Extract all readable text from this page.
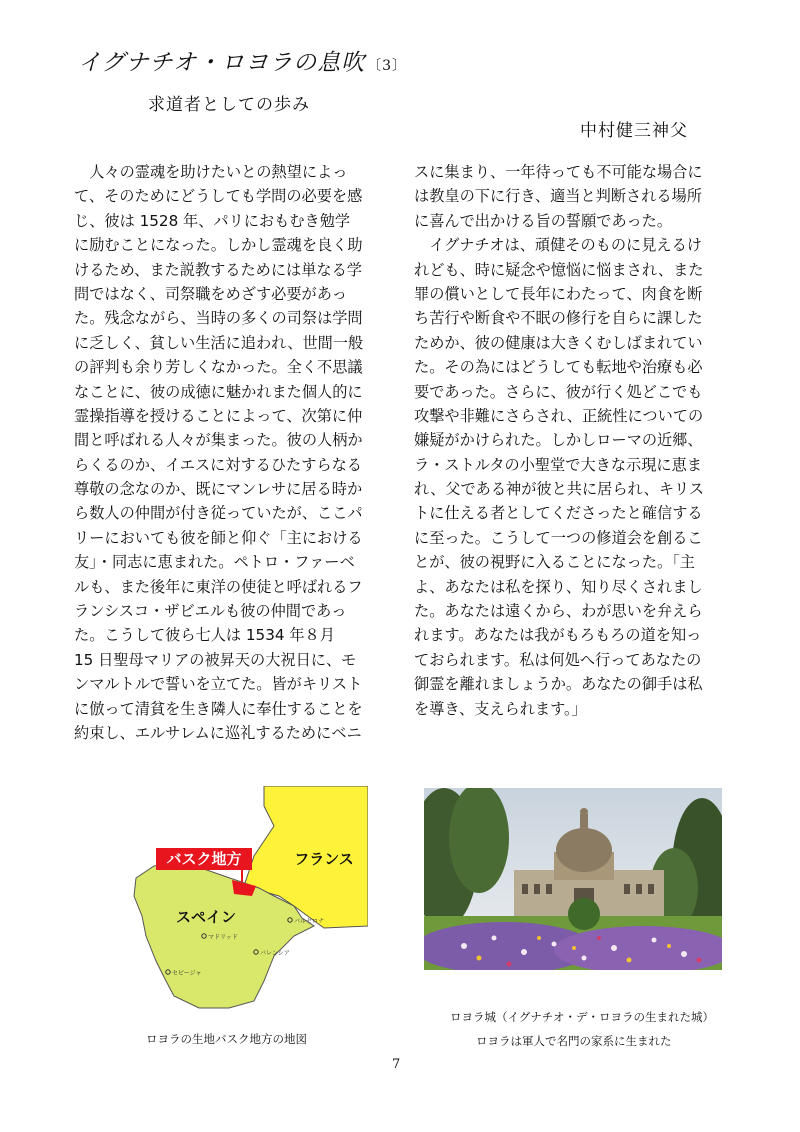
イグナチオ・ロヨラの息吹 〔3〕
求道者としての歩み
中村健三神父
　人々の霊魂を助けたいとの熱望によっ
て、そのためにどうしても学問の必要を感
じ、彼は 1528 年、パリにおもむき勉学
に励むことになった。しかし霊魂を良く助
けるため、また説教するためには単なる学
問ではなく、司祭職をめざす必要があっ
た。残念ながら、当時の多くの司祭は学問
に乏しく、貧しい生活に追われ、世間一般
の評判も余り芳しくなかった。全く不思議
なことに、彼の成徳に魅かれまた個人的に
霊操指導を授けることによって、次第に仲
間と呼ばれる人々が集まった。彼の人柄か
らくるのか、イエスに対するひたすらなる
尊敬の念なのか、既にマンレサに居る時か
ら数人の仲間が付き従っていたが、ここパ
リーにおいても彼を師と仰ぐ「主における
友」・同志に恵まれた。ペトロ・ファーベ
ルも、また後年に東洋の使徒と呼ばれるフ
ランシスコ・ザビエルも彼の仲間であっ
た。こうして彼ら七人は 1534 年８月
15 日聖母マリアの被昇天の大祝日に、モ
ンマルトルで誓いを立てた。皆がキリスト
に倣って清貧を生き隣人に奉仕することを
約束し、エルサレムに巡礼するためにベニ
スに集まり、一年待っても不可能な場合に
は教皇の下に行き、適当と判断される場所
に喜んで出かける旨の誓願であった。
　イグナチオは、頑健そのものに見えるけ
れども、時に疑念や憶悩に悩まされ、また
罪の償いとして長年にわたって、肉食を断
ち苦行や断食や不眠の修行を自らに課した
ためか、彼の健康は大きくむしばまれてい
た。その為にはどうしても転地や治療も必
要であった。さらに、彼が行く処どこでも
攻撃や非難にさらされ、正統性についての
嫌疑がかけられた。しかしローマの近郷、
ラ・ストルタの小聖堂で大きな示現に恵ま
れ、父である神が彼と共に居られ、キリス
トに仕える者としてくださったと確信する
に至った。こうして一つの修道会を創るこ
とが、彼の視野に入ることになった。「主
よ、あなたは私を探り、知り尽くされまし
た。あなたは遠くから、わが思いを弁えら
れます。あなたは我がもろもろの道を知っ
ておられます。私は何処へ行ってあなたの
御霊を離れましょうか。あなたの御手は私
を導き、支えられます。」
バスク地方	フランス
スペイン	バルセロナ
マドリッド
バレンシア
セビージャ
ロヨラの生地バスク地方の地図
ロヨラ城（イグナチオ・デ・ロヨラの生まれた城）
ロヨラは軍人で名門の家系に生まれた
7
